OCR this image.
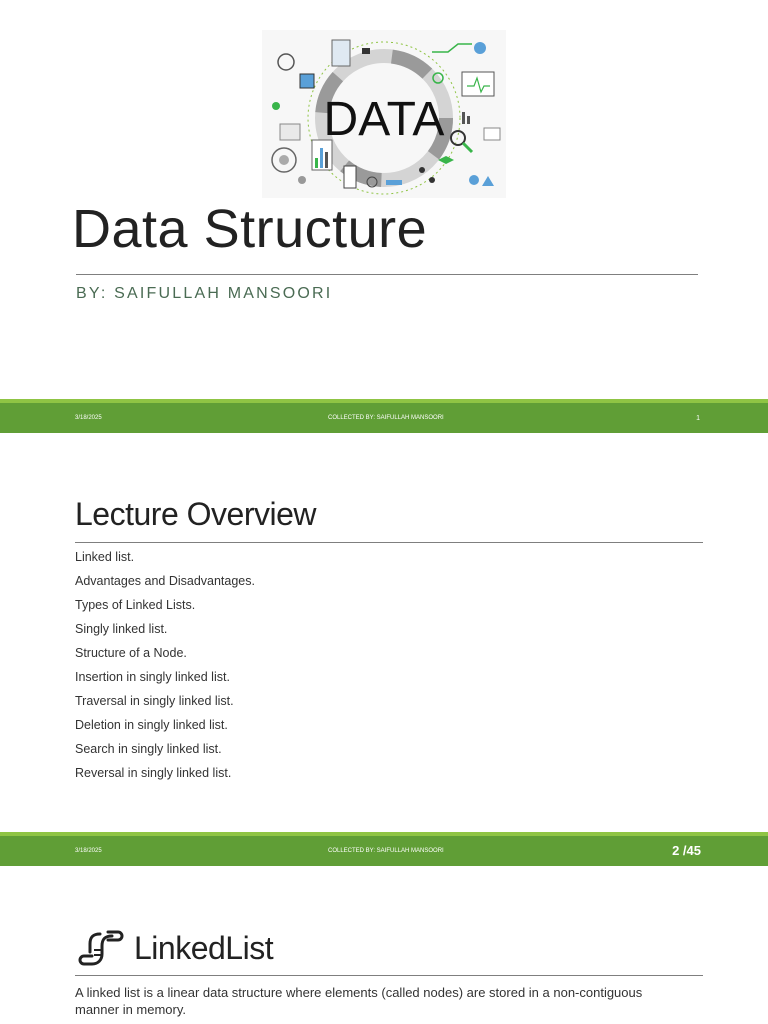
DATA
Data Structure
BY: SAIFULLAH MANSOORI
3/18/2025	COLLECTED BY: SAIFULLAH MANSOORI	1
Lecture Overview
Linked list.
Advantages and Disadvantages.
Types of Linked Lists.
Singly linked list.
Structure of a Node.
Insertion in singly linked list.
Traversal in singly linked list.
Deletion in singly linked list.
Search in singly linked list.
Reversal in singly linked list.
3/18/2025	COLLECTED BY: SAIFULLAH MANSOORI	2 /45
LinkedList

A linked list is a linear data structure where elements (called nodes) are stored in a non-contiguous manner in memory.
